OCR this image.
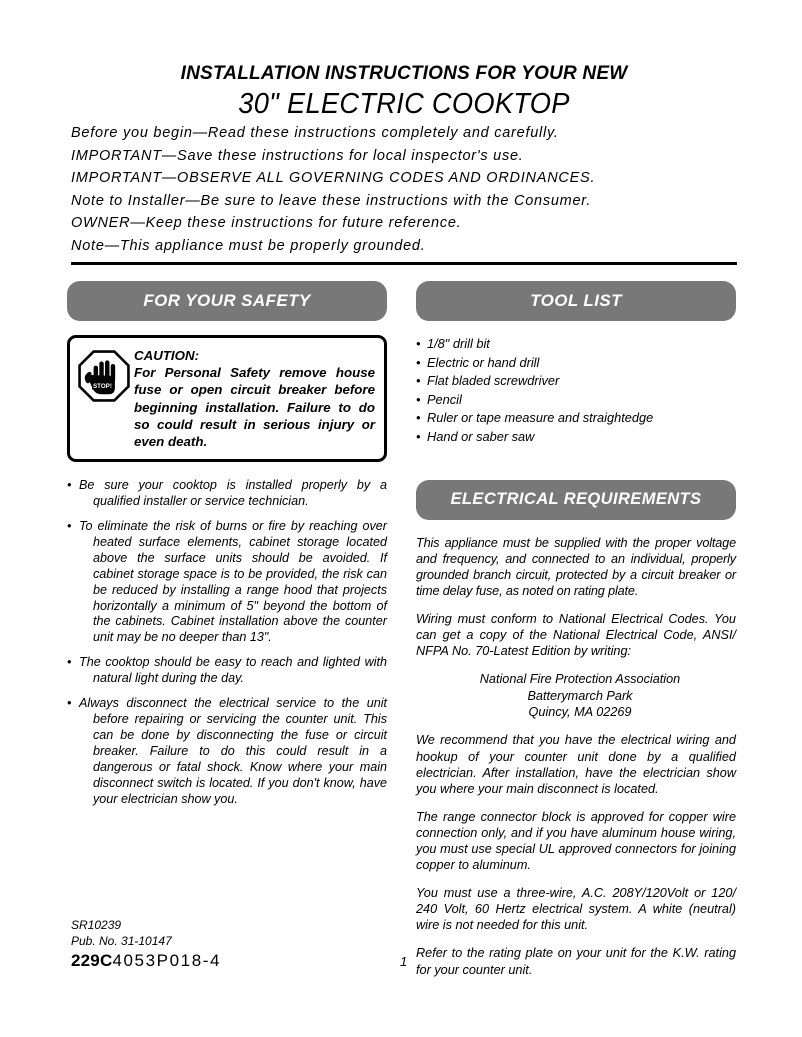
INSTALLATION INSTRUCTIONS FOR YOUR NEW
30" ELECTRIC COOKTOP
Before you begin—Read these instructions completely and carefully.
IMPORTANT—Save these instructions for local inspector's use.
IMPORTANT—OBSERVE ALL GOVERNING CODES AND ORDINANCES.
Note to Installer—Be sure to leave these instructions with the Consumer.
OWNER—Keep these instructions for future reference.
Note—This appliance must be properly grounded.
FOR YOUR SAFETY
STOP!
CAUTION:
For Personal Safety remove house fuse or open circuit breaker before beginning installation. Failure to do so could result in serious injury or even death.
• Be sure your cooktop is installed properly by a qualified installer or service technician.
• To eliminate the risk of burns or fire by reaching over heated surface elements, cabinet storage located above the surface units should be avoided. If cabinet storage space is to be provided, the risk can be reduced by installing a range hood that projects horizontally a minimum of 5" beyond the bottom of the cabinets. Cabinet installation above the counter unit may be no deeper than 13".
• The cooktop should be easy to reach and lighted with natural light during the day.
• Always disconnect the electrical service to the unit before repairing or servicing the counter unit. This can be done by disconnecting the fuse or circuit breaker. Failure to do this could result in a dangerous or fatal shock. Know where your main disconnect switch is located. If you don't know, have your electrician show you.
TOOL LIST
• 1/8" drill bit
• Electric or hand drill
• Flat bladed screwdriver
• Pencil
• Ruler or tape measure and straightedge
• Hand or saber saw
ELECTRICAL REQUIREMENTS
This appliance must be supplied with the proper voltage and frequency, and connected to an individual, properly grounded branch circuit, protected by a circuit breaker or time delay fuse, as noted on rating plate.
Wiring must conform to National Electrical Codes. You can get a copy of the National Electrical Code, ANSI/ NFPA No. 70-Latest Edition by writing:
National Fire Protection Association
Batterymarch Park
Quincy, MA 02269
We recommend that you have the electrical wiring and hookup of your counter unit done by a qualified electrician. After installation, have the electrician show you where your main disconnect is located.
The range connector block is approved for copper wire connection only, and if you have aluminum house wiring, you must use special UL approved connectors for joining copper to aluminum.
You must use a three-wire, A.C. 208Y/120Volt or 120/ 240 Volt, 60 Hertz electrical system. A white (neutral) wire is not needed for this unit.
Refer to the rating plate on your unit for the K.W. rating for your counter unit.
SR10239
Pub. No. 31-10147
229C4053P018-4	1
